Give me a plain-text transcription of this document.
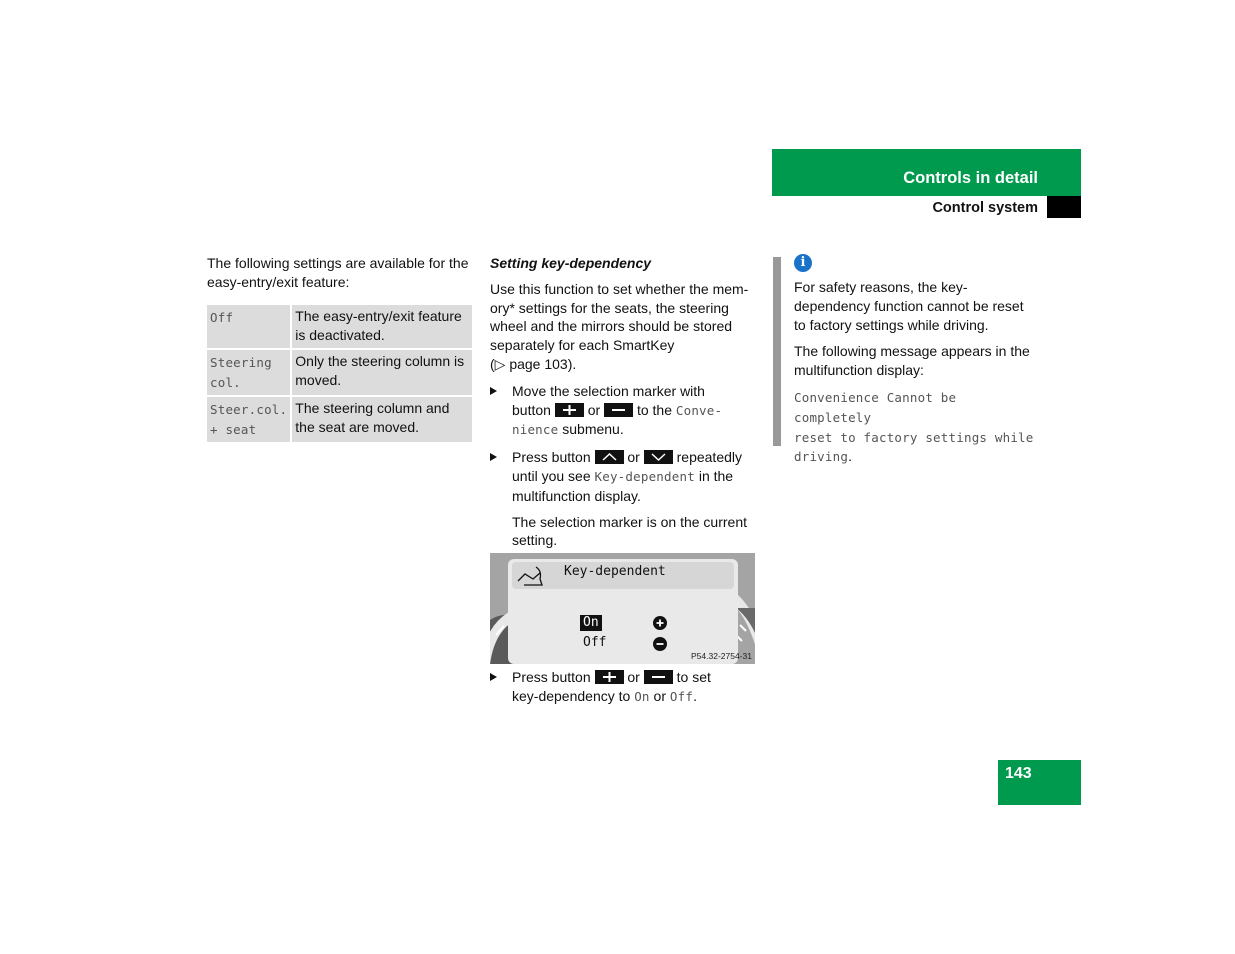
Controls in detail
Control system

The following settings are available for the easy-entry/exit feature:

Off	The easy-entry/exit feature is deactivated.
Steering
col.	Only the steering column is moved.
Steer.col.
+ seat	The steering column and the seat are moved.

Setting key-dependency

Use this function to set whether the mem-
ory* settings for the seats, the steering
wheel and the mirrors should be stored
separately for each SmartKey
(▷ page 103).

Move the selection marker with
button	or	to the Conve-
nience submenu.

Press button	or	repeatedly
until you see Key-dependent in the
multifunction display.

The selection marker is on the current setting.

Key-dependent
On
Off
P54.32-2754-31

Press button	or	to set
key-dependency to On or Off.

i

For safety reasons, the key-dependency function cannot be reset to factory settings while driving.

The following message appears in the multifunction display:

Convenience Cannot be completely
reset to factory settings while
driving.

143
